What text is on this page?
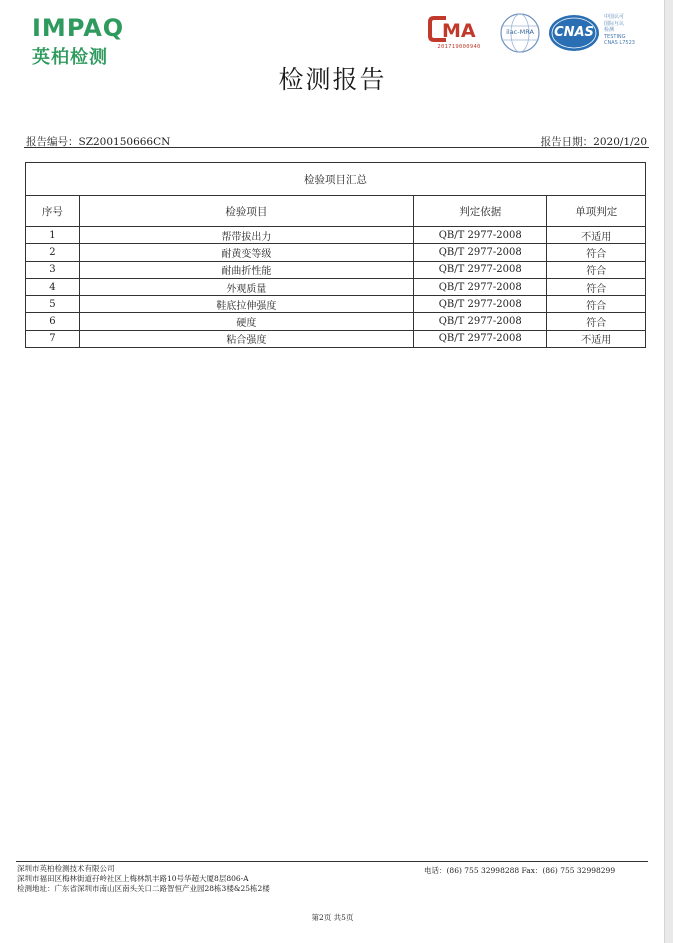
IMPAQ
英柏检测
MA
201719000940
ilac-MRA	CNAS
中国认可
国际互认
检测
TESTING
CNAS L7523
检测报告
报告编号：SZ200150666CN	报告日期：2020/1/20
检验项目汇总			
序号	检验项目	判定依据	单项判定
1	帮带拔出力	QB/T 2977-2008	不适用
2	耐黄变等级	QB/T 2977-2008	符合
3	耐曲折性能	QB/T 2977-2008	符合
4	外观质量	QB/T 2977-2008	符合
5	鞋底拉伸强度	QB/T 2977-2008	符合
6	硬度	QB/T 2977-2008	符合
7	粘合强度	QB/T 2977-2008	不适用
深圳市英柏检测技术有限公司
深圳市福田区梅林街道孖岭社区上梅林凯丰路10号华超大厦8层806-A
检测地址：广东省深圳市南山区南头关口二路智恒产业园28栋3楼&25栋2楼
电话：(86) 755 32998288 Fax：(86) 755 32998299
第2页 共5页
